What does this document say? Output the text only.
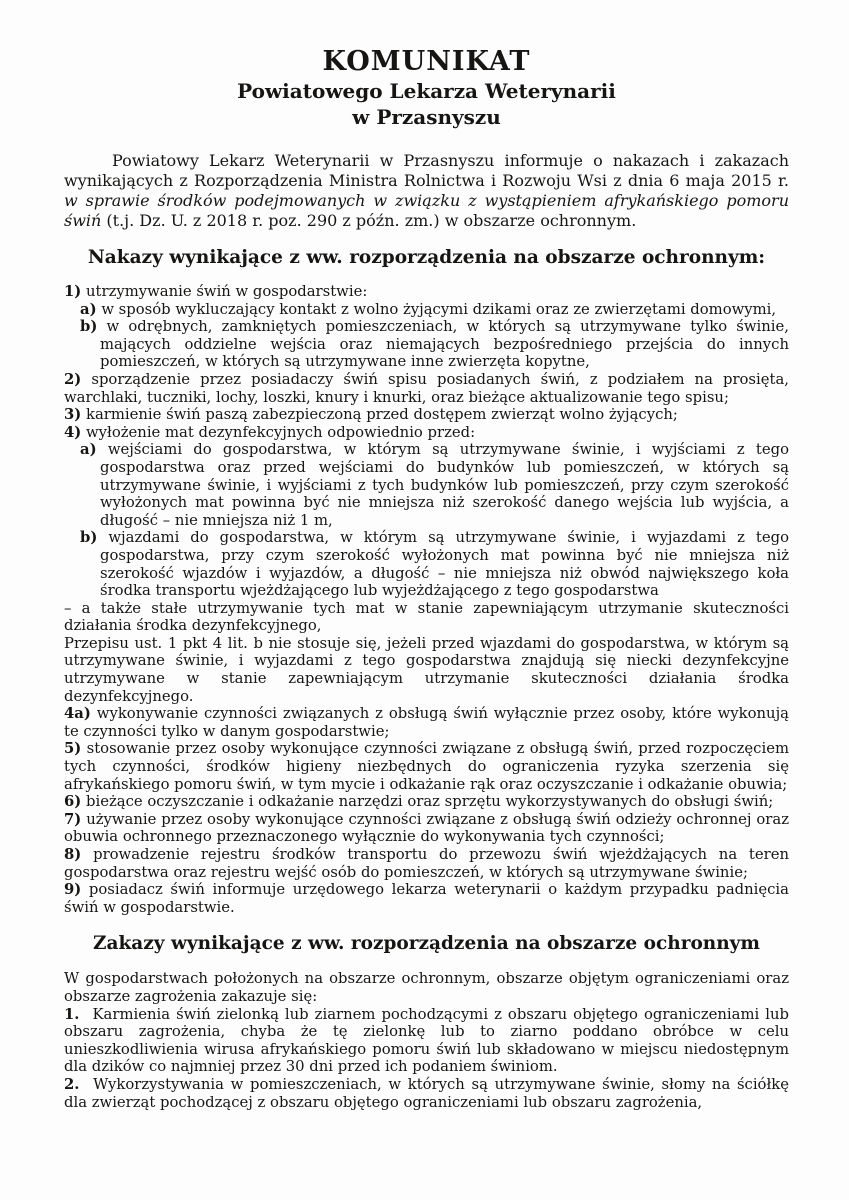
KOMUNIKAT
Powiatowego Lekarza Weterynarii
w Przasnyszu

Powiatowy Lekarz Weterynarii w Przasnyszu informuje o nakazach i zakazach wynikających z Rozporządzenia Ministra Rolnictwa i Rozwoju Wsi z dnia 6 maja 2015 r. w sprawie środków podejmowanych w związku z wystąpieniem afrykańskiego pomoru świń (t.j. Dz. U. z 2018 r. poz. 290 z późn. zm.) w obszarze ochronnym.

Nakazy wynikające z ww. rozporządzenia na obszarze ochronnym:
1) utrzymywanie świń w gospodarstwie:
a) w sposób wykluczający kontakt z wolno żyjącymi dzikami oraz ze zwierzętami domowymi,
b) w odrębnych, zamkniętych pomieszczeniach, w których są utrzymywane tylko świnie, mających oddzielne wejścia oraz niemających bezpośredniego przejścia do innych pomieszczeń, w których są utrzymywane inne zwierzęta kopytne,
2) sporządzenie przez posiadaczy świń spisu posiadanych świń, z podziałem na prosięta, warchlaki, tuczniki, lochy, loszki, knury i knurki, oraz bieżące aktualizowanie tego spisu;
3) karmienie świń paszą zabezpieczoną przed dostępem zwierząt wolno żyjących;
4) wyłożenie mat dezynfekcyjnych odpowiednio przed:
a) wejściami do gospodarstwa, w którym są utrzymywane świnie, i wyjściami z tego gospodarstwa oraz przed wejściami do budynków lub pomieszczeń, w których są utrzymywane świnie, i wyjściami z tych budynków lub pomieszczeń, przy czym szerokość wyłożonych mat powinna być nie mniejsza niż szerokość danego wejścia lub wyjścia, a długość – nie mniejsza niż 1 m,
b) wjazdami do gospodarstwa, w którym są utrzymywane świnie, i wyjazdami z tego gospodarstwa, przy czym szerokość wyłożonych mat powinna być nie mniejsza niż szerokość wjazdów i wyjazdów, a długość – nie mniejsza niż obwód największego koła środka transportu wjeżdżającego lub wyjeżdżającego z tego gospodarstwa
– a także stałe utrzymywanie tych mat w stanie zapewniającym utrzymanie skuteczności działania środka dezynfekcyjnego,
Przepisu ust. 1 pkt 4 lit. b nie stosuje się, jeżeli przed wjazdami do gospodarstwa, w którym są utrzymywane świnie, i wyjazdami z tego gospodarstwa znajdują się niecki dezynfekcyjne utrzymywane w stanie zapewniającym utrzymanie skuteczności działania środka dezynfekcyjnego.
4a) wykonywanie czynności związanych z obsługą świń wyłącznie przez osoby, które wykonują te czynności tylko w danym gospodarstwie;
5) stosowanie przez osoby wykonujące czynności związane z obsługą świń, przed rozpoczęciem tych czynności, środków higieny niezbędnych do ograniczenia ryzyka szerzenia się afrykańskiego pomoru świń, w tym mycie i odkażanie rąk oraz oczyszczanie i odkażanie obuwia;
6) bieżące oczyszczanie i odkażanie narzędzi oraz sprzętu wykorzystywanych do obsługi świń;
7) używanie przez osoby wykonujące czynności związane z obsługą świń odzieży ochronnej oraz obuwia ochronnego przeznaczonego wyłącznie do wykonywania tych czynności;
8) prowadzenie rejestru środków transportu do przewozu świń wjeżdżających na teren gospodarstwa oraz rejestru wejść osób do pomieszczeń, w których są utrzymywane świnie;
9) posiadacz świń informuje urzędowego lekarza weterynarii o każdym przypadku padnięcia świń w gospodarstwie.
Zakazy wynikające z ww. rozporządzenia na obszarze ochronnym

W gospodarstwach położonych na obszarze ochronnym, obszarze objętym ograniczeniami oraz obszarze zagrożenia zakazuje się:

1. Karmienia świń zielonką lub ziarnem pochodzącymi z obszaru objętego ograniczeniami lub obszaru zagrożenia, chyba że tę zielonkę lub to ziarno poddano obróbce w celu unieszkodliwienia wirusa afrykańskiego pomoru świń lub składowano w miejscu niedostępnym dla dzików co najmniej przez 30 dni przed ich podaniem świniom.
2. Wykorzystywania w pomieszczeniach, w których są utrzymywane świnie, słomy na ściółkę dla zwierząt pochodzącej z obszaru objętego ograniczeniami lub obszaru zagrożenia,
